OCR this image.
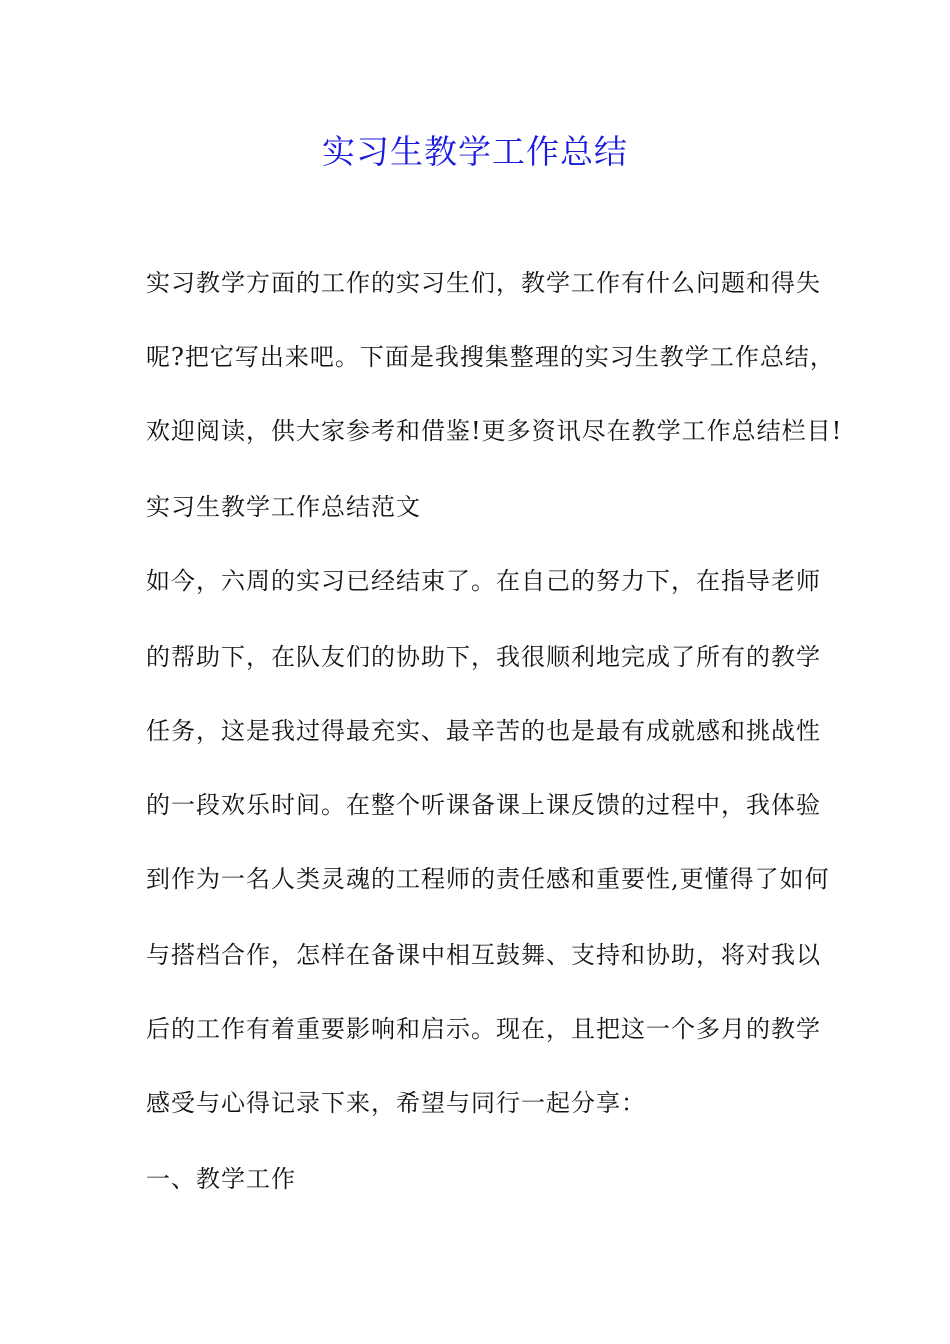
实习生教学工作总结
实习教学方面的工作的实习生们，教学工作有什么问题和得失
呢?把它写出来吧。下面是我搜集整理的实习生教学工作总结，
欢迎阅读，供大家参考和借鉴!更多资讯尽在教学工作总结栏目!
实习生教学工作总结范文
如今，六周的实习已经结束了。在自己的努力下，在指导老师
的帮助下，在队友们的协助下，我很顺利地完成了所有的教学
任务，这是我过得最充实、最辛苦的也是最有成就感和挑战性
的一段欢乐时间。在整个听课备课上课反馈的过程中，我体验
到作为一名人类灵魂的工程师的责任感和重要性,更懂得了如何
与搭档合作，怎样在备课中相互鼓舞、支持和协助，将对我以
后的工作有着重要影响和启示。现在，且把这一个多月的教学
感受与心得记录下来，希望与同行一起分享：
一、教学工作
